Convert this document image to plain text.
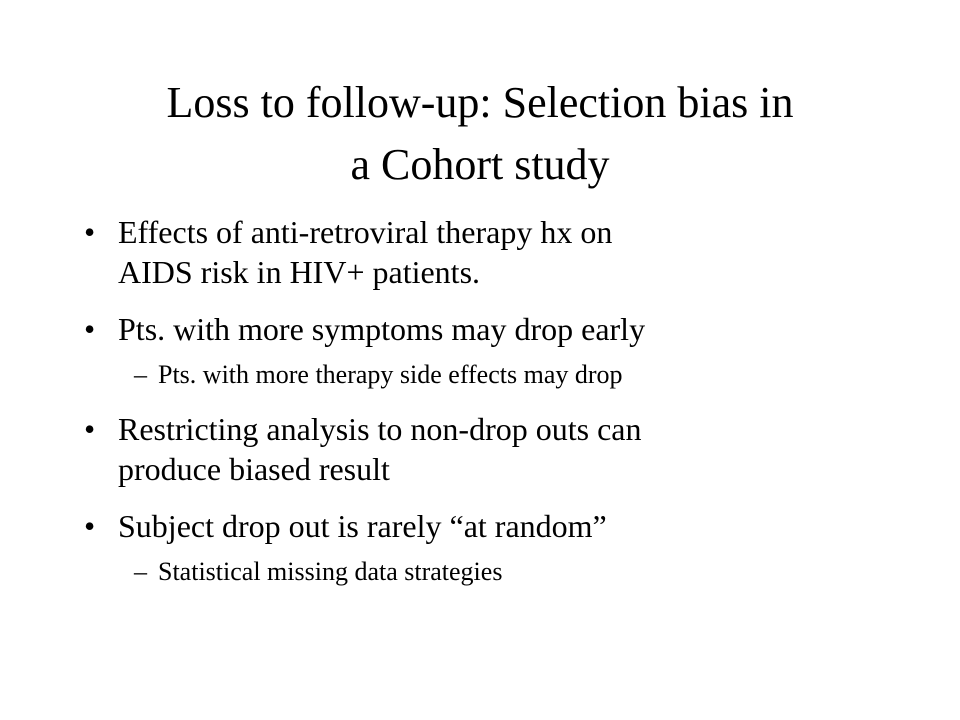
Loss to follow-up: Selection bias in
a Cohort study
• Effects of anti-retroviral therapy hx on
AIDS risk in HIV+ patients.
• Pts. with more symptoms may drop early
– Pts. with more therapy side effects may drop
• Restricting analysis to non-drop outs can
produce biased result
• Subject drop out is rarely “at random”
– Statistical missing data strategies
